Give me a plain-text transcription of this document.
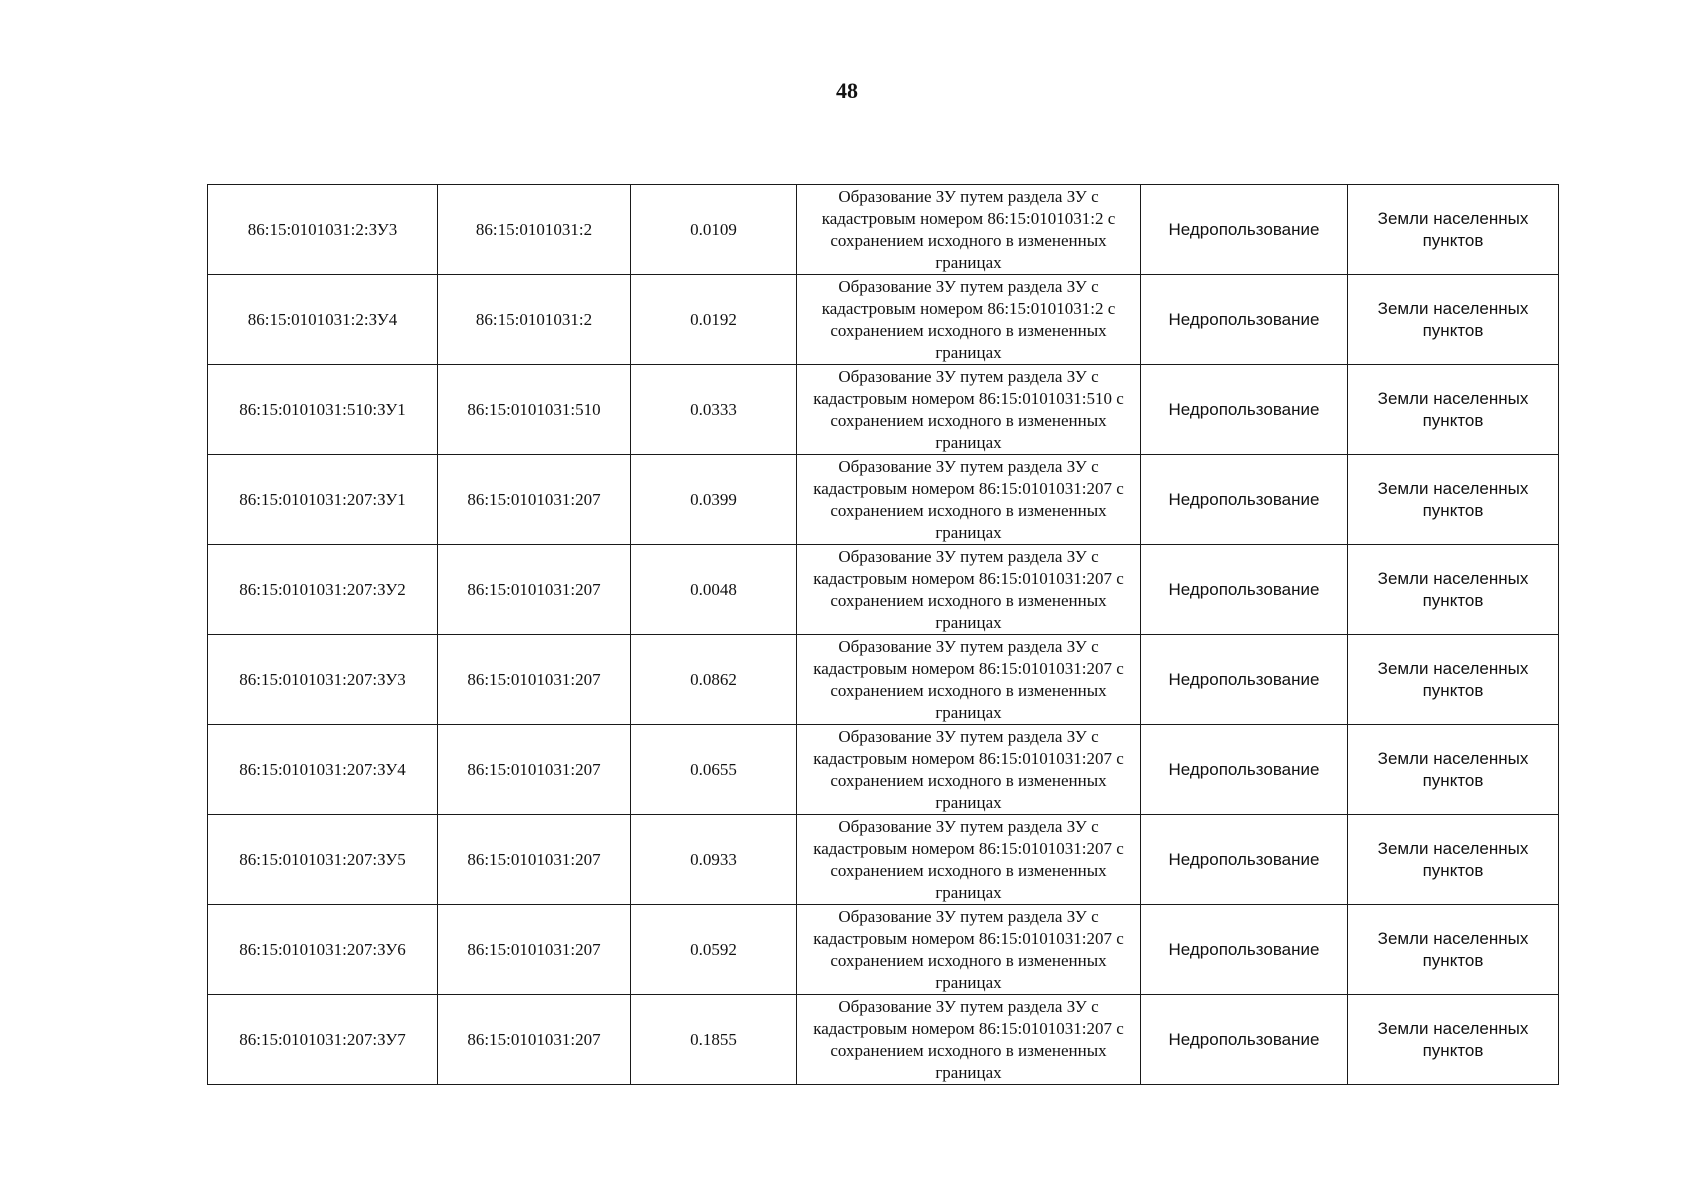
48
86:15:0101031:2:ЗУ3	86:15:0101031:2	0.0109	Образование ЗУ путем раздела ЗУ с кадастровым номером 86:15:0101031:2 с сохранением исходного в измененных границах	Недропользование	Земли населенных пунктов
86:15:0101031:2:ЗУ4	86:15:0101031:2	0.0192	Образование ЗУ путем раздела ЗУ с кадастровым номером 86:15:0101031:2 с сохранением исходного в измененных границах	Недропользование	Земли населенных пунктов
86:15:0101031:510:ЗУ1	86:15:0101031:510	0.0333	Образование ЗУ путем раздела ЗУ с кадастровым номером 86:15:0101031:510 с сохранением исходного в измененных границах	Недропользование	Земли населенных пунктов
86:15:0101031:207:ЗУ1	86:15:0101031:207	0.0399	Образование ЗУ путем раздела ЗУ с кадастровым номером 86:15:0101031:207 с сохранением исходного в измененных границах	Недропользование	Земли населенных пунктов
86:15:0101031:207:ЗУ2	86:15:0101031:207	0.0048	Образование ЗУ путем раздела ЗУ с кадастровым номером 86:15:0101031:207 с сохранением исходного в измененных границах	Недропользование	Земли населенных пунктов
86:15:0101031:207:ЗУ3	86:15:0101031:207	0.0862	Образование ЗУ путем раздела ЗУ с кадастровым номером 86:15:0101031:207 с сохранением исходного в измененных границах	Недропользование	Земли населенных пунктов
86:15:0101031:207:ЗУ4	86:15:0101031:207	0.0655	Образование ЗУ путем раздела ЗУ с кадастровым номером 86:15:0101031:207 с сохранением исходного в измененных границах	Недропользование	Земли населенных пунктов
86:15:0101031:207:ЗУ5	86:15:0101031:207	0.0933	Образование ЗУ путем раздела ЗУ с кадастровым номером 86:15:0101031:207 с сохранением исходного в измененных границах	Недропользование	Земли населенных пунктов
86:15:0101031:207:ЗУ6	86:15:0101031:207	0.0592	Образование ЗУ путем раздела ЗУ с кадастровым номером 86:15:0101031:207 с сохранением исходного в измененных границах	Недропользование	Земли населенных пунктов
86:15:0101031:207:ЗУ7	86:15:0101031:207	0.1855	Образование ЗУ путем раздела ЗУ с кадастровым номером 86:15:0101031:207 с сохранением исходного в измененных границах	Недропользование	Земли населенных пунктов
